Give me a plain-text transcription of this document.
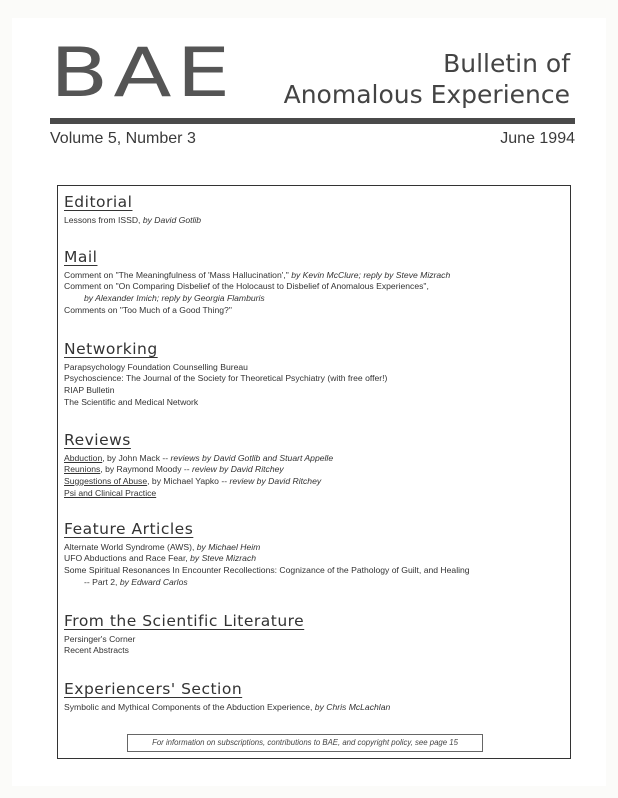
BAE	Bulletin of
Anomalous Experience
Volume 5, Number 3	June 1994
Editorial
Lessons from ISSD, by David Gotlib
Mail
Comment on "The Meaningfulness of 'Mass Hallucination'," by Kevin McClure; reply by Steve Mizrach
Comment on "On Comparing Disbelief of the Holocaust to Disbelief of Anomalous Experiences",
by Alexander Imich; reply by Georgia Flamburis
Comments on "Too Much of a Good Thing?"
Networking
Parapsychology Foundation Counselling Bureau
Psychoscience: The Journal of the Society for Theoretical Psychiatry (with free offer!)
RIAP Bulletin
The Scientific and Medical Network
Reviews
Abduction, by John Mack -- reviews by David Gotlib and Stuart Appelle
Reunions, by Raymond Moody -- review by David Ritchey
Suggestions of Abuse, by Michael Yapko -- review by David Ritchey
Psi and Clinical Practice
Feature Articles
Alternate World Syndrome (AWS), by Michael Heim
UFO Abductions and Race Fear, by Steve Mizrach
Some Spiritual Resonances In Encounter Recollections: Cognizance of the Pathology of Guilt, and Healing
-- Part 2, by Edward Carlos
From the Scientific Literature
Persinger's Corner
Recent Abstracts
Experiencers' Section
Symbolic and Mythical Components of the Abduction Experience, by Chris McLachlan
For information on subscriptions, contributions to BAE, and copyright policy, see page 15
